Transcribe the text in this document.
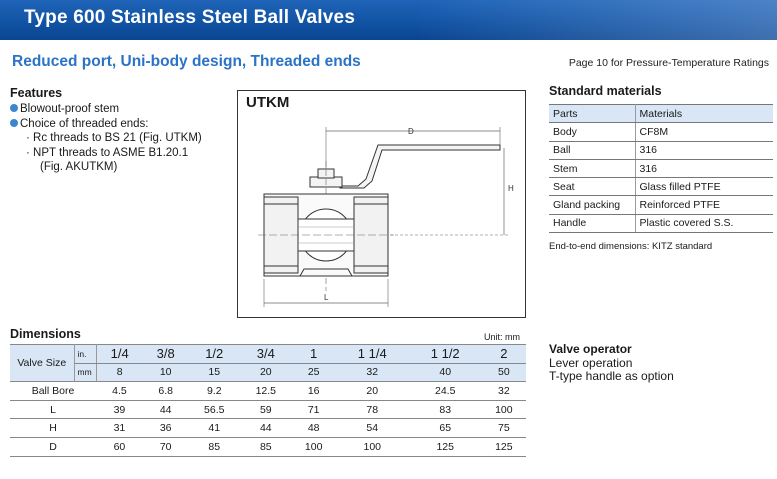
Type 600 Stainless Steel Ball Valves
Reduced port, Uni-body design, Threaded ends	Page 10 for Pressure-Temperature Ratings
Features
Blowout-proof stem
Choice of threaded ends:
· Rc threads to BS 21 (Fig. UTKM)
· NPT threads to ASME B1.20.1
(Fig. AKUTKM)
UTKM
D
H
L
Standard materials
Parts	Materials
Body	CF8M
Ball	316
Stem	316
Seat	Glass filled PTFE
Gland packing	Reinforced PTFE
Handle	Plastic covered S.S.
End-to-end dimensions: KITZ standard
Dimensions	Unit: mm
Valve Size	in.	1/4	3/8	1/2	3/4	1	1 1/4	1 1/2	2
	mm	8	10	15	20	25	32	40	50
Ball Bore		4.5	6.8	9.2	12.5	16	20	24.5	32
L		39	44	56.5	59	71	78	83	100
H		31	36	41	44	48	54	65	75
D		60	70	85	85	100	100	125	125
Valve operator
Lever operation
T-type handle as option
